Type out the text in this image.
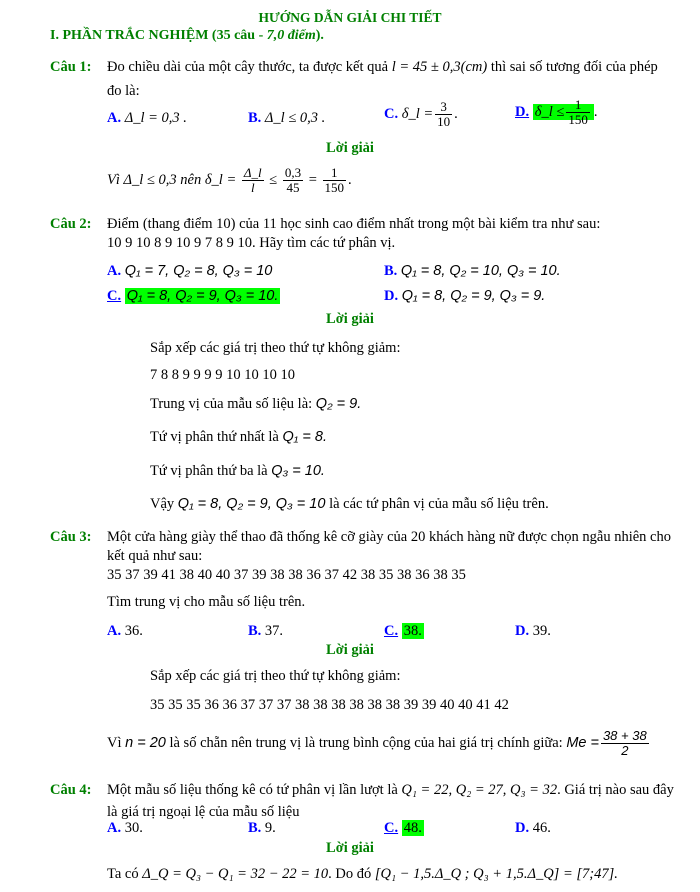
HƯỚNG DẪN GIẢI CHI TIẾT
I. PHẦN TRẮC NGHIỆM (35 câu - 7,0 điểm).
Câu 1: Đo chiều dài của một cây thước, ta được kết quả l = 45 ± 0,3(cm) thì sai số tương đối của phép
đo là:
A. Δ_l = 0,3 .	B. Δ_l ≤ 0,3 .	C. δ_l = $\frac{3}{10}$ .	D. δ_l ≤ $\frac{1}{150}$ .
Lời giải
Vì Δ_l ≤ 0,3 nên δ_l = $\frac{\Delta\_l}{l} \le \frac{0,3}{45} = \frac{1}{150}$ .
Câu 2: Điểm (thang điểm 10) của 11 học sinh cao điểm nhất trong một bài kiểm tra như sau:
10 9 10 8 9 10 9 7 8 9 10. Hãy tìm các tứ phân vị.
A. Q₁ = 7, Q₂ = 8, Q₃ = 10	B. Q₁ = 8, Q₂ = 10, Q₃ = 10.
C. Q₁ = 8, Q₂ = 9, Q₃ = 10.	D. Q₁ = 8, Q₂ = 9, Q₃ = 9.
Lời giải
Sắp xếp các giá trị theo thứ tự không giảm:
7 8 8 9 9 9 9 10 10 10 10
Trung vị của mẫu số liệu là: Q₂ = 9.
Tứ vị phân thứ nhất là Q₁ = 8.
Tứ vị phân thứ ba là Q₃ = 10.
Vậy Q₁ = 8, Q₂ = 9, Q₃ = 10 là các tứ phân vị của mẫu số liệu trên.
Câu 3: Một cửa hàng giày thể thao đã thống kê cỡ giày của 20 khách hàng nữ được chọn ngẫu nhiên cho
kết quả như sau:
35 37 39 41 38 40 40 37 39 38 38 36 37 42 38 35 38 36 38 35
Tìm trung vị cho mẫu số liệu trên.
A. 36.	B. 37.	C. 38.	D. 39.
Lời giải
Sắp xếp các giá trị theo thứ tự không giảm:
35 35 35 36 36 37 37 37 38 38 38 38 38 38 39 39 40 40 41 42
Vì n = 20 là số chẵn nên trung vị là trung bình cộng của hai giá trị chính giữa: $Me = \frac{38 + 38}{2}$
Câu 4: Một mẫu số liệu thống kê có tứ phân vị lần lượt là Q₁ = 22, Q₂ = 27, Q₃ = 32. Giá trị nào sau đây
là giá trị ngoại lệ của mẫu số liệu
A. 30.	B. 9.	C. 48.	D. 46.
Lời giải
Ta có Δ_Q = Q₃ − Q₁ = 32 − 22 = 10. Do đó [Q₁ − 1,5.Δ_Q ; Q₃ + 1,5.Δ_Q] = [7;47].
